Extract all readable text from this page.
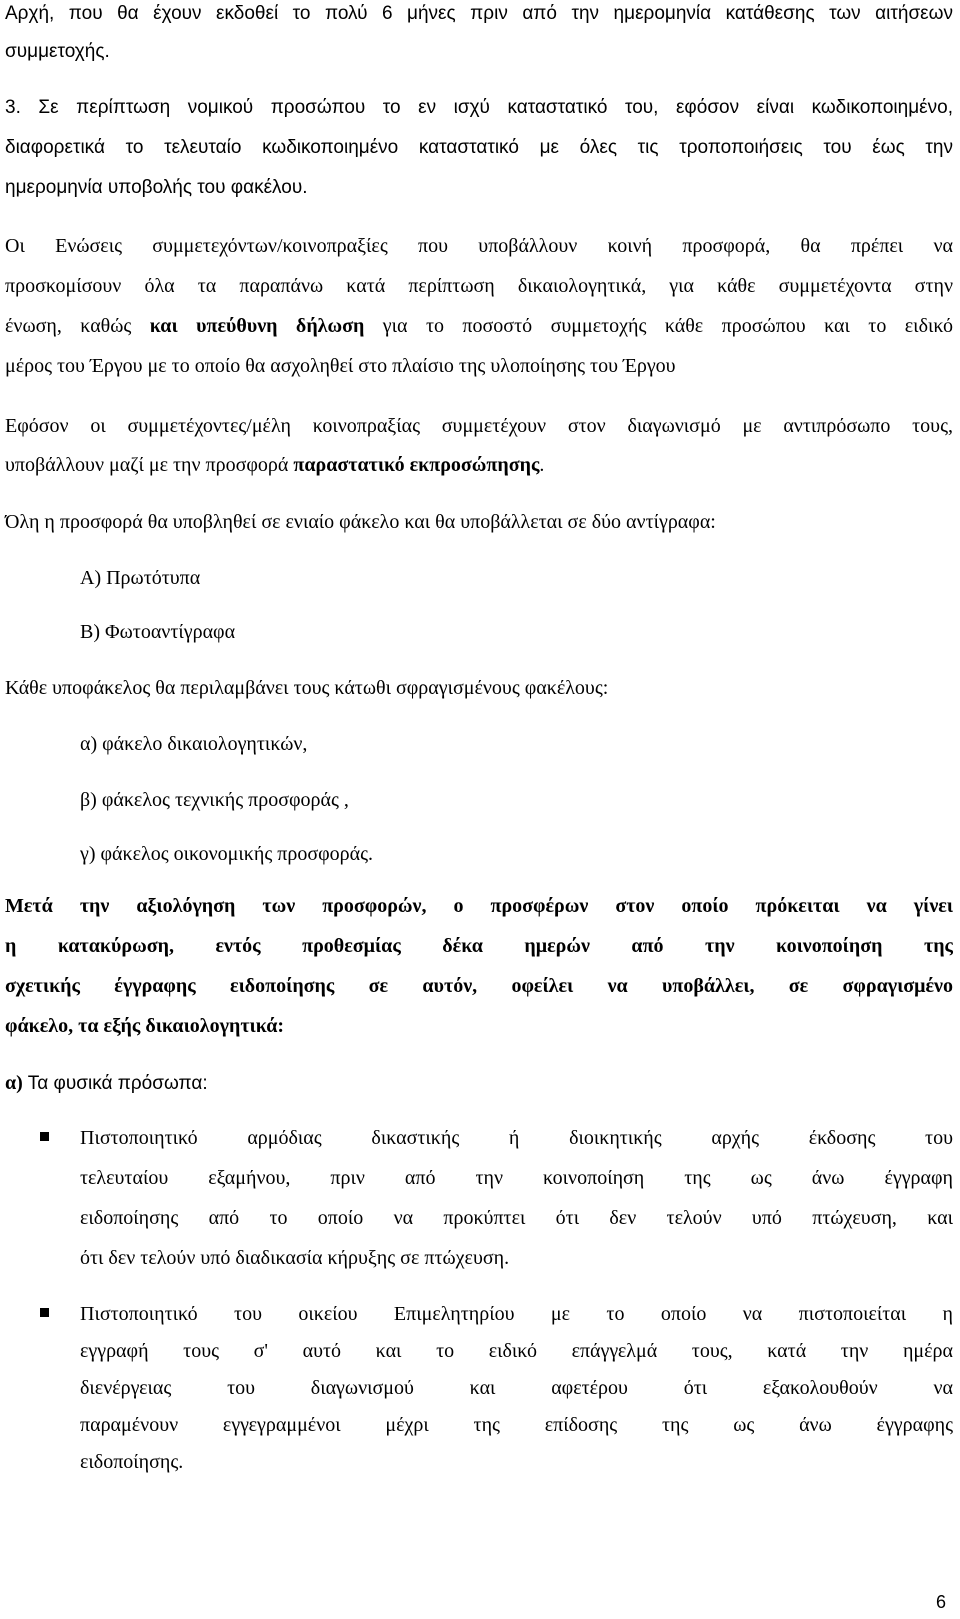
Αρχή, που θα έχουν εκδοθεί το πολύ 6 μήνες πριν από την ημερομηνία κατάθεσης των αιτήσεων
συμμετοχής.
3. Σε περίπτωση νομικού προσώπου το εν ισχύ καταστατικό του, εφόσον είναι κωδικοποιημένο,
διαφορετικά το τελευταίο κωδικοποιημένο καταστατικό με όλες τις τροποποιήσεις του έως την
ημερομηνία υποβολής του φακέλου.
Οι Ενώσεις συμμετεχόντων/κοινοπραξίες που υποβάλλουν κοινή προσφορά, θα πρέπει να
προσκομίσουν όλα τα παραπάνω κατά περίπτωση δικαιολογητικά, για κάθε συμμετέχοντα στην
ένωση, καθώς και υπεύθυνη δήλωση για το ποσοστό συμμετοχής κάθε προσώπου και το ειδικό
μέρος του Έργου με το οποίο θα ασχοληθεί στο πλαίσιο της υλοποίησης του Έργου
Εφόσον οι συμμετέχοντες/μέλη κοινοπραξίας συμμετέχουν στον διαγωνισμό με αντιπρόσωπο τους,
υποβάλλουν μαζί με την προσφορά παραστατικό εκπροσώπησης.
Όλη η προσφορά θα υποβληθεί σε ενιαίο φάκελο και θα υποβάλλεται σε δύο αντίγραφα:
Α) Πρωτότυπα
Β) Φωτοαντίγραφα
Κάθε υποφάκελος θα περιλαμβάνει τους κάτωθι σφραγισμένους φακέλους:
α) φάκελο δικαιολογητικών,
β) φάκελος τεχνικής προσφοράς ,
γ) φάκελος οικονομικής προσφοράς.
Μετά την αξιολόγηση των προσφορών, ο προσφέρων στον οποίο πρόκειται να γίνει
η κατακύρωση, εντός προθεσμίας δέκα ημερών από την κοινοποίηση της
σχετικής έγγραφης ειδοποίησης σε αυτόν, οφείλει να υποβάλλει, σε σφραγισμένο
φάκελο, τα εξής δικαιολογητικά:
α) Τα φυσικά πρόσωπα:
Πιστοποιητικό αρμόδιας δικαστικής ή διοικητικής αρχής έκδοσης του
τελευταίου εξαμήνου, πριν από την κοινοποίηση της ως άνω έγγραφη
ειδοποίησης από το οποίο να προκύπτει ότι δεν τελούν υπό πτώχευση, και
ότι δεν τελούν υπό διαδικασία κήρυξης σε πτώχευση.
Πιστοποιητικό του οικείου Επιμελητηρίου με το οποίο να πιστοποιείται η
εγγραφή τους σ' αυτό και το ειδικό επάγγελμά τους, κατά την ημέρα
διενέργειας του διαγωνισμού και αφετέρου ότι εξακολουθούν να
παραμένουν εγγεγραμμένοι μέχρι της επίδοσης της ως άνω έγγραφης
ειδοποίησης.
6
